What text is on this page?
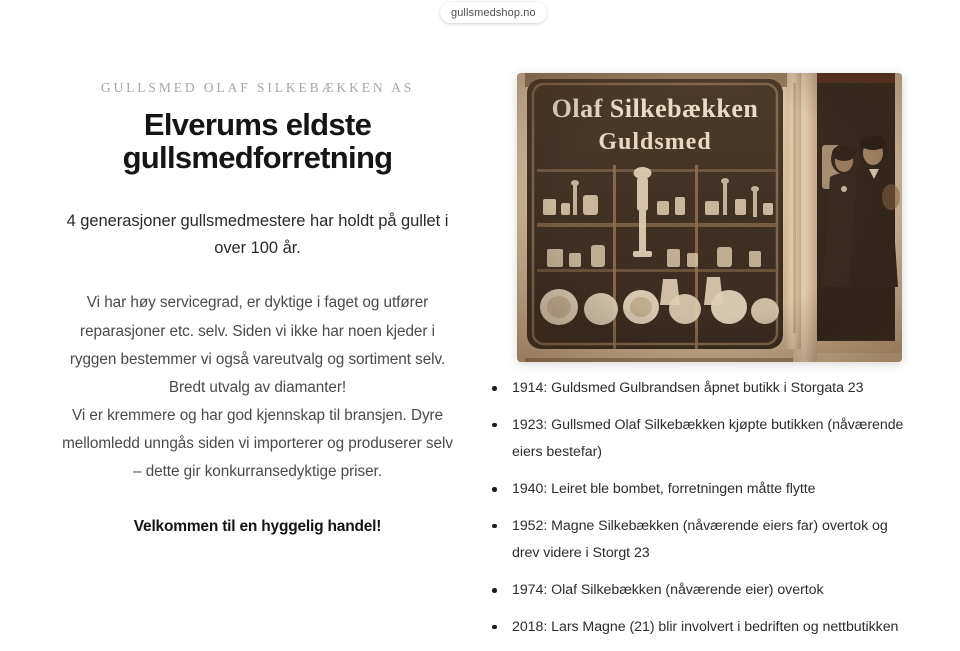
gullsmedshop.no

GULLSMED OLAF SILKEBÆKKEN AS

Elverums eldste gullsmedforretning

4 generasjoner gullsmedmestere har holdt på gullet i over 100 år.

Vi har høy servicegrad, er dyktige i faget og utfører reparasjoner etc. selv. Siden vi ikke har noen kjeder i ryggen bestemmer vi også vareutvalg og sortiment selv. Bredt utvalg av diamanter!

Vi er kremmere og har god kjennskap til bransjen. Dyre mellomledd unngås siden vi importerer og produserer selv – dette gir konkurransedyktige priser.

Velkommen til en hyggelig handel!

1914: Guldsmed Gulbrandsen åpnet butikk i Storgata 23
1923: Gullsmed Olaf Silkebækken kjøpte butikken (nåværende eiers bestefar)
1940: Leiret ble bombet, forretningen måtte flytte
1952: Magne Silkebækken (nåværende eiers far) overtok og drev videre i Storgt 23
1974: Olaf Silkebækken (nåværende eier) overtok
2018: Lars Magne (21) blir involvert i bedriften og nettbutikken
